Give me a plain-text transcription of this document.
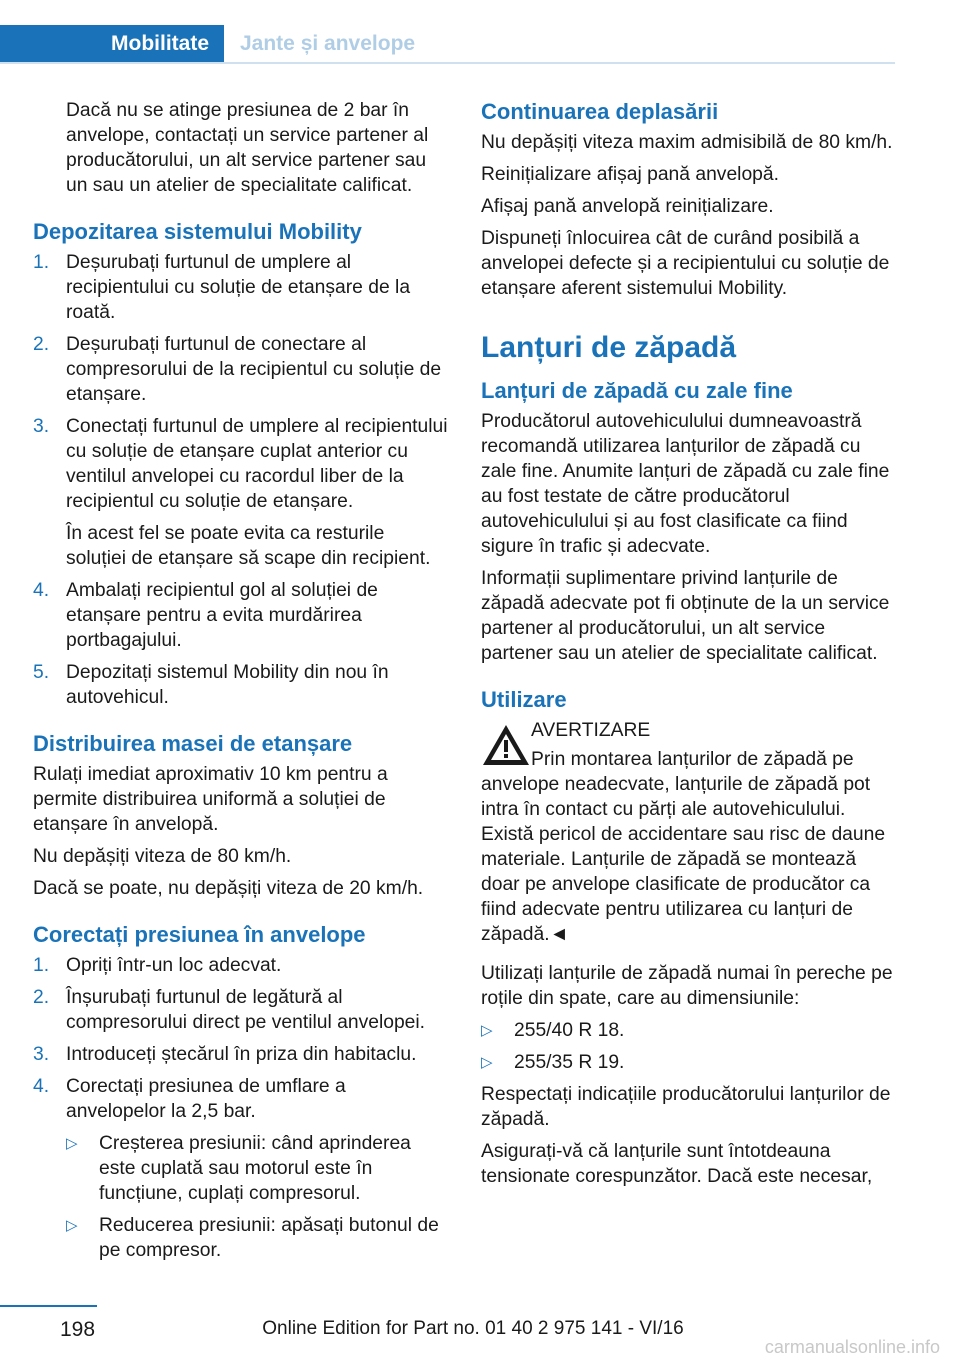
Mobilitate Jante și anvelope

Dacă nu se atinge presiunea de 2 bar în anvelope, contactați un service partener al producătorului, un alt service partener sau un sau un atelier de specialitate calificat.

Depozitarea sistemului Mobility
1. Deșurubați furtunul de umplere al recipientului cu soluție de etanșare de la roată.
2. Deșurubați furtunul de conectare al compresorului de la recipientul cu soluție de etanșare.
3. Conectați furtunul de umplere al recipientului cu soluție de etanșare cuplat anterior cu ventilul anvelopei cu racordul liber de la recipientul cu soluție de etanșare.
În acest fel se poate evita ca resturile soluției de etanșare să scape din recipient.
4. Ambalați recipientul gol al soluției de etanșare pentru a evita murdărirea portbagajului.
5. Depozitați sistemul Mobility din nou în autovehicul.
Distribuirea masei de etanșare

Rulați imediat aproximativ 10 km pentru a permite distribuirea uniformă a soluției de etanșare în anvelopă.

Nu depășiți viteza de 80 km/h.

Dacă se poate, nu depășiți viteza de 20 km/h.

Corectați presiunea în anvelope
1. Opriți într-un loc adecvat.
2. Înșurubați furtunul de legătură al compresorului direct pe ventilul anvelopei.
3. Introduceți ștecărul în priza din habitaclu.
4. Corectați presiunea de umflare a anvelopelor la 2,5 bar.
▷	Creșterea presiunii: când aprinderea este cuplată sau motorul este în funcțiune, cuplați compresorul.
▷	Reducerea presiunii: apăsați butonul de pe compresor.
Continuarea deplasării

Nu depășiți viteza maxim admisibilă de 80 km/h.

Reinițializare afișaj pană anvelopă.

Afișaj pană anvelopă reinițializare.

Dispuneți înlocuirea cât de curând posibilă a anvelopei defecte și a recipientului cu soluție de etanșare aferent sistemului Mobility.

Lanțuri de zăpadă
Lanțuri de zăpadă cu zale fine

Producătorul autovehiculului dumneavoastră recomandă utilizarea lanțurilor de zăpadă cu zale fine. Anumite lanțuri de zăpadă cu zale fine au fost testate de către producătorul autovehiculului și au fost clasificate ca fiind sigure în trafic și adecvate.

Informații suplimentare privind lanțurile de zăpadă adecvate pot fi obținute de la un service partener al producătorului, un alt service partener sau un atelier de specialitate calificat.

Utilizare
AVERTIZARE

Prin montarea lanțurilor de zăpadă pe anvelope neadecvate, lanțurile de zăpadă pot intra în contact cu părți ale autovehiculului. Există pericol de accidentare sau risc de daune materiale. Lanțurile de zăpadă se montează doar pe anvelope clasificate de producător ca fiind adecvate pentru utilizarea cu lanțuri de zăpadă.◄

Utilizați lanțurile de zăpadă numai în pereche pe roțile din spate, care au dimensiunile:

▷	255/40 R 18.
▷	255/35 R 19.

Respectați indicațiile producătorului lanțurilor de zăpadă.

Asigurați-vă că lanțurile sunt întotdeauna tensionate corespunzător. Dacă este necesar,

198	Online Edition for Part no. 01 40 2 975 141 - VI/16
carmanualsonline.info
